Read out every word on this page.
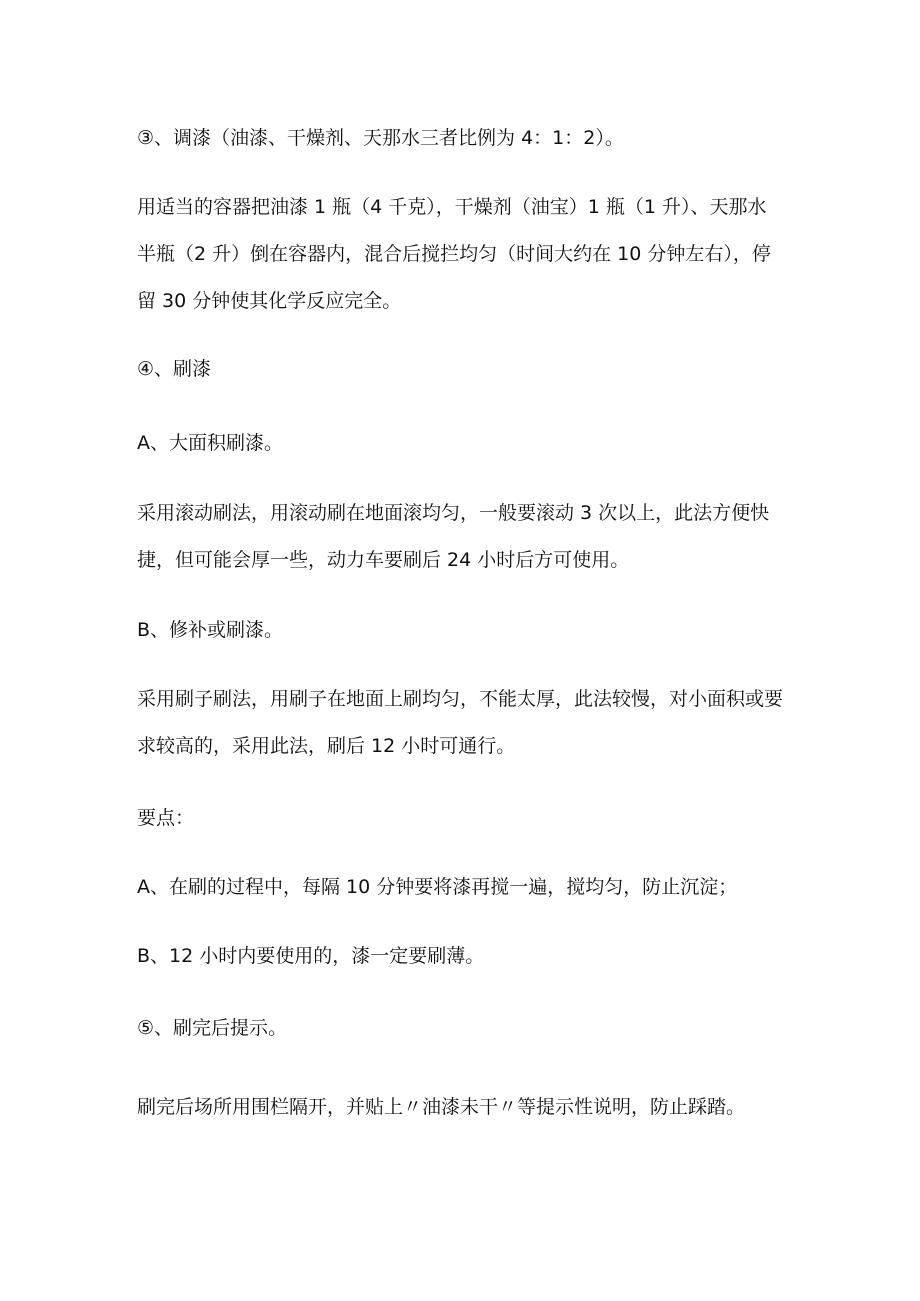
③、调漆（油漆、干燥剂、天那水三者比例为 4：1：2）。

用适当的容器把油漆 1 瓶（4 千克），干燥剂（油宝）1 瓶（1 升）、天那水
半瓶（2 升）倒在容器内，混合后搅拦均匀（时间大约在 10 分钟左右），停
留 30 分钟使其化学反应完全。

④、刷漆

A、大面积刷漆。

采用滚动刷法，用滚动刷在地面滚均匀，一般要滚动 3 次以上，此法方便快
捷，但可能会厚一些，动力车要刷后 24 小时后方可使用。

B、修补或刷漆。

采用刷子刷法，用刷子在地面上刷均匀，不能太厚，此法较慢，对小面积或要
求较高的，采用此法，刷后 12 小时可通行。

要点：

A、在刷的过程中，每隔 10 分钟要将漆再搅一遍，搅均匀，防止沉淀；

B、12 小时内要使用的，漆一定要刷薄。

⑤、刷完后提示。

刷完后场所用围栏隔开，并贴上〃油漆未干〃等提示性说明，防止踩踏。
